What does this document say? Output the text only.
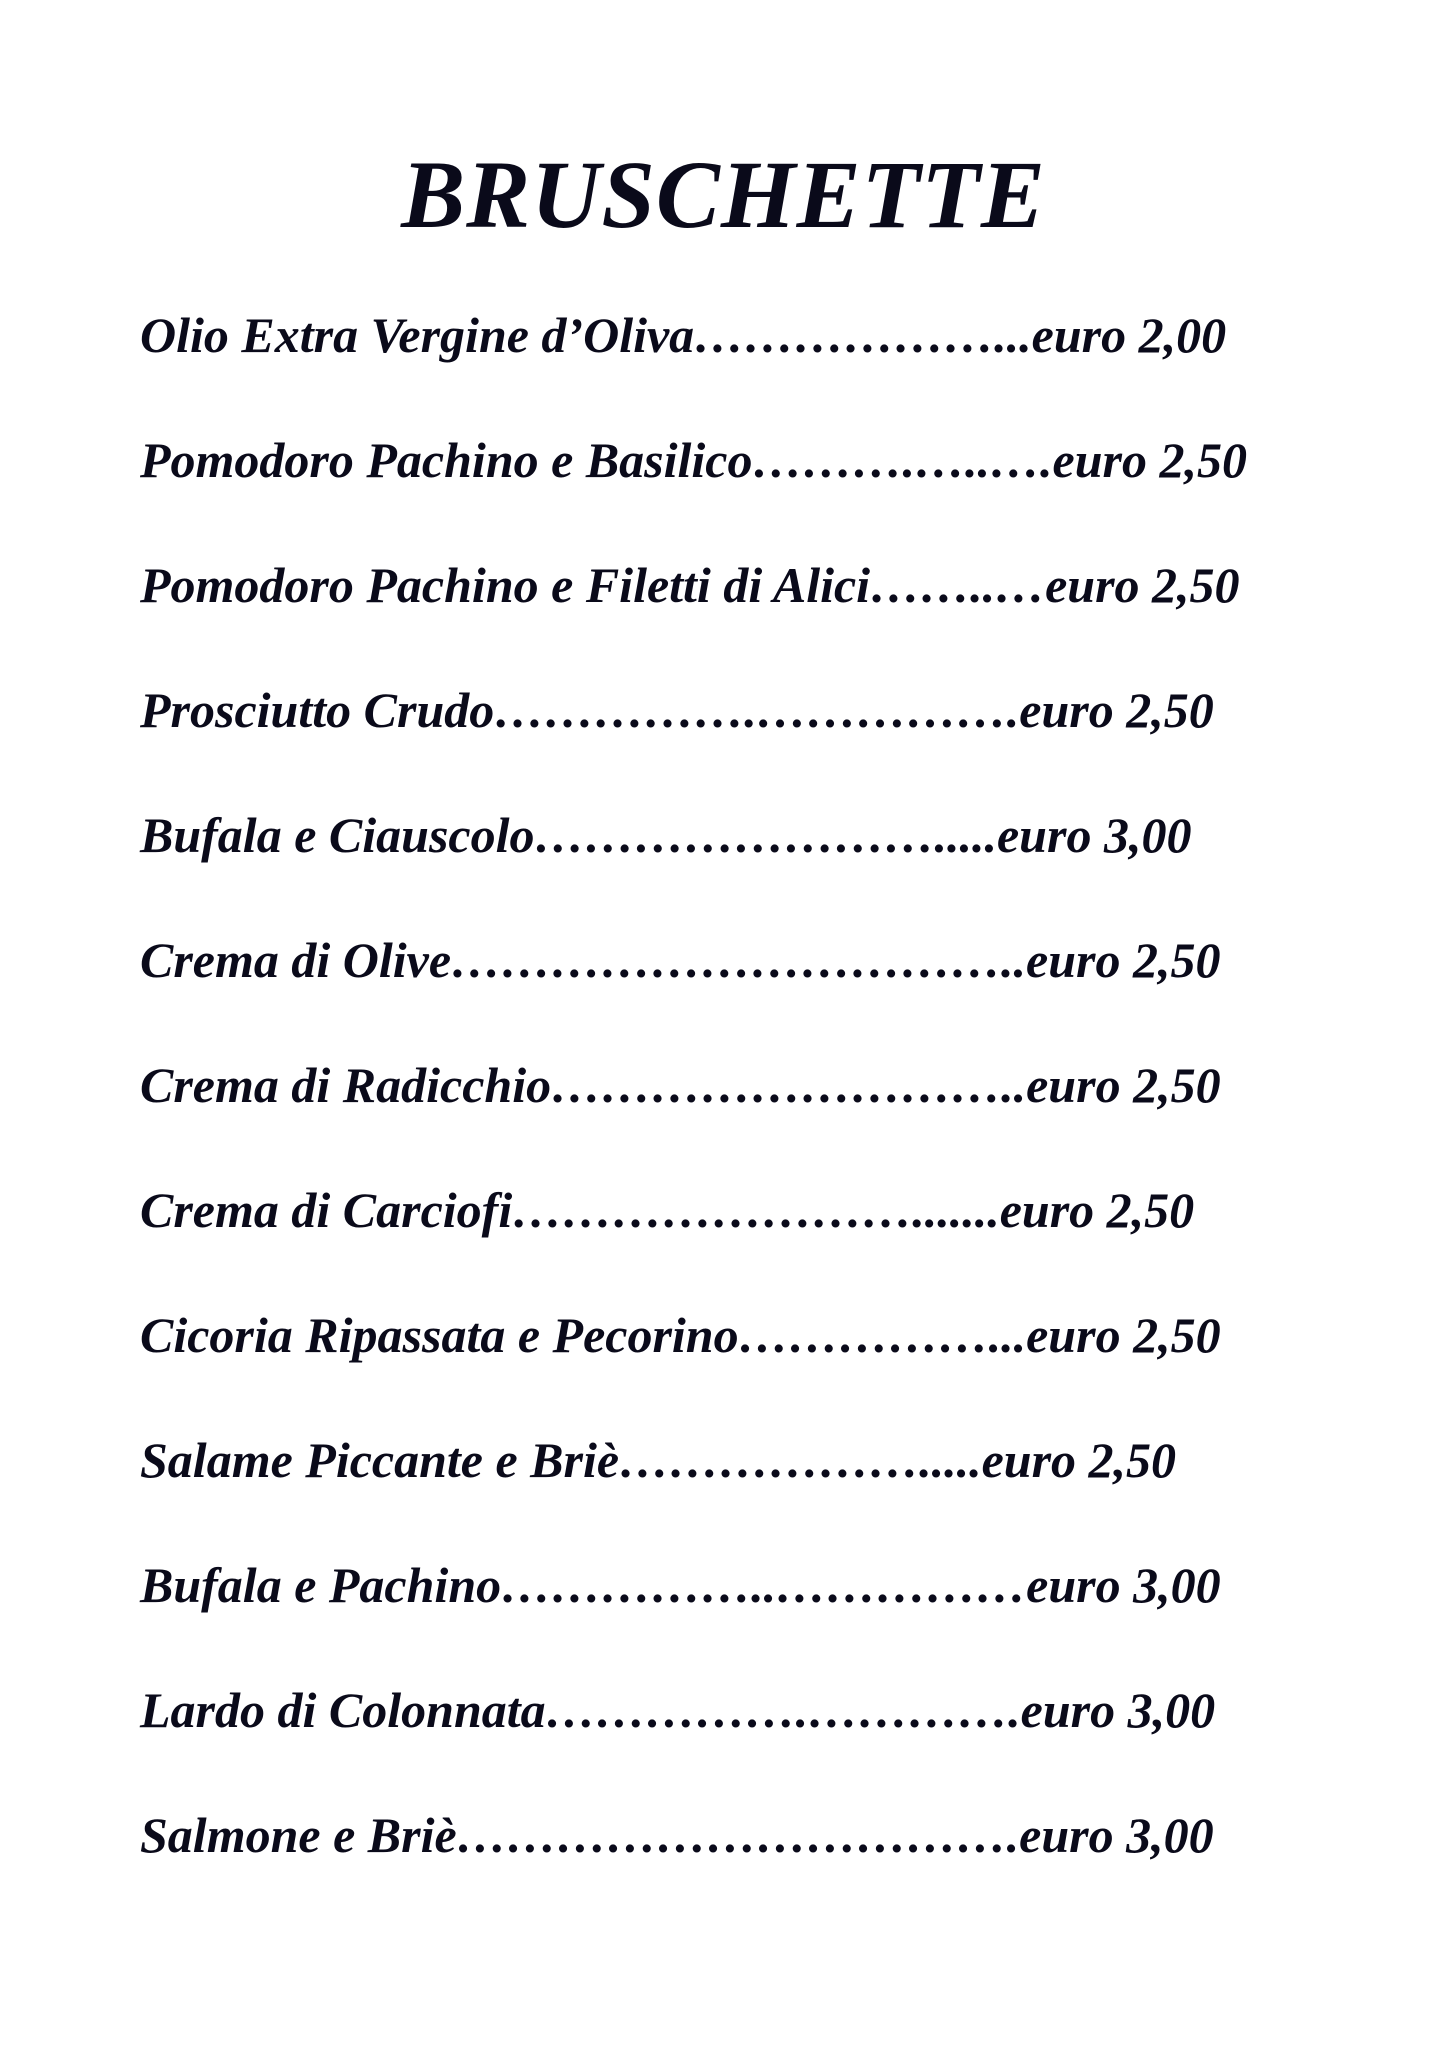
BRUSCHETTE
Olio Extra Vergine d’Oliva………………...euro 2,00
Pomodoro Pachino e Basilico……….…..….euro 2,50
Pomodoro Pachino e Filetti di Alici……..…euro 2,50
Prosciutto Crudo…………….…………….euro 2,50
Bufala e Ciauscolo…………………….....euro 3,00
Crema di Olive……………………………..euro 2,50
Crema di Radicchio………………………..euro 2,50
Crema di Carciofi…………………….......euro 2,50
Cicoria Ripassata e Pecorino……………...euro 2,50
Salame Piccante e Briè……………….....euro 2,50
Bufala e Pachino……………..……………euro 3,00
Lardo di Colonnata…………….………….euro 3,00
Salmone e Briè…………………………….euro 3,00
